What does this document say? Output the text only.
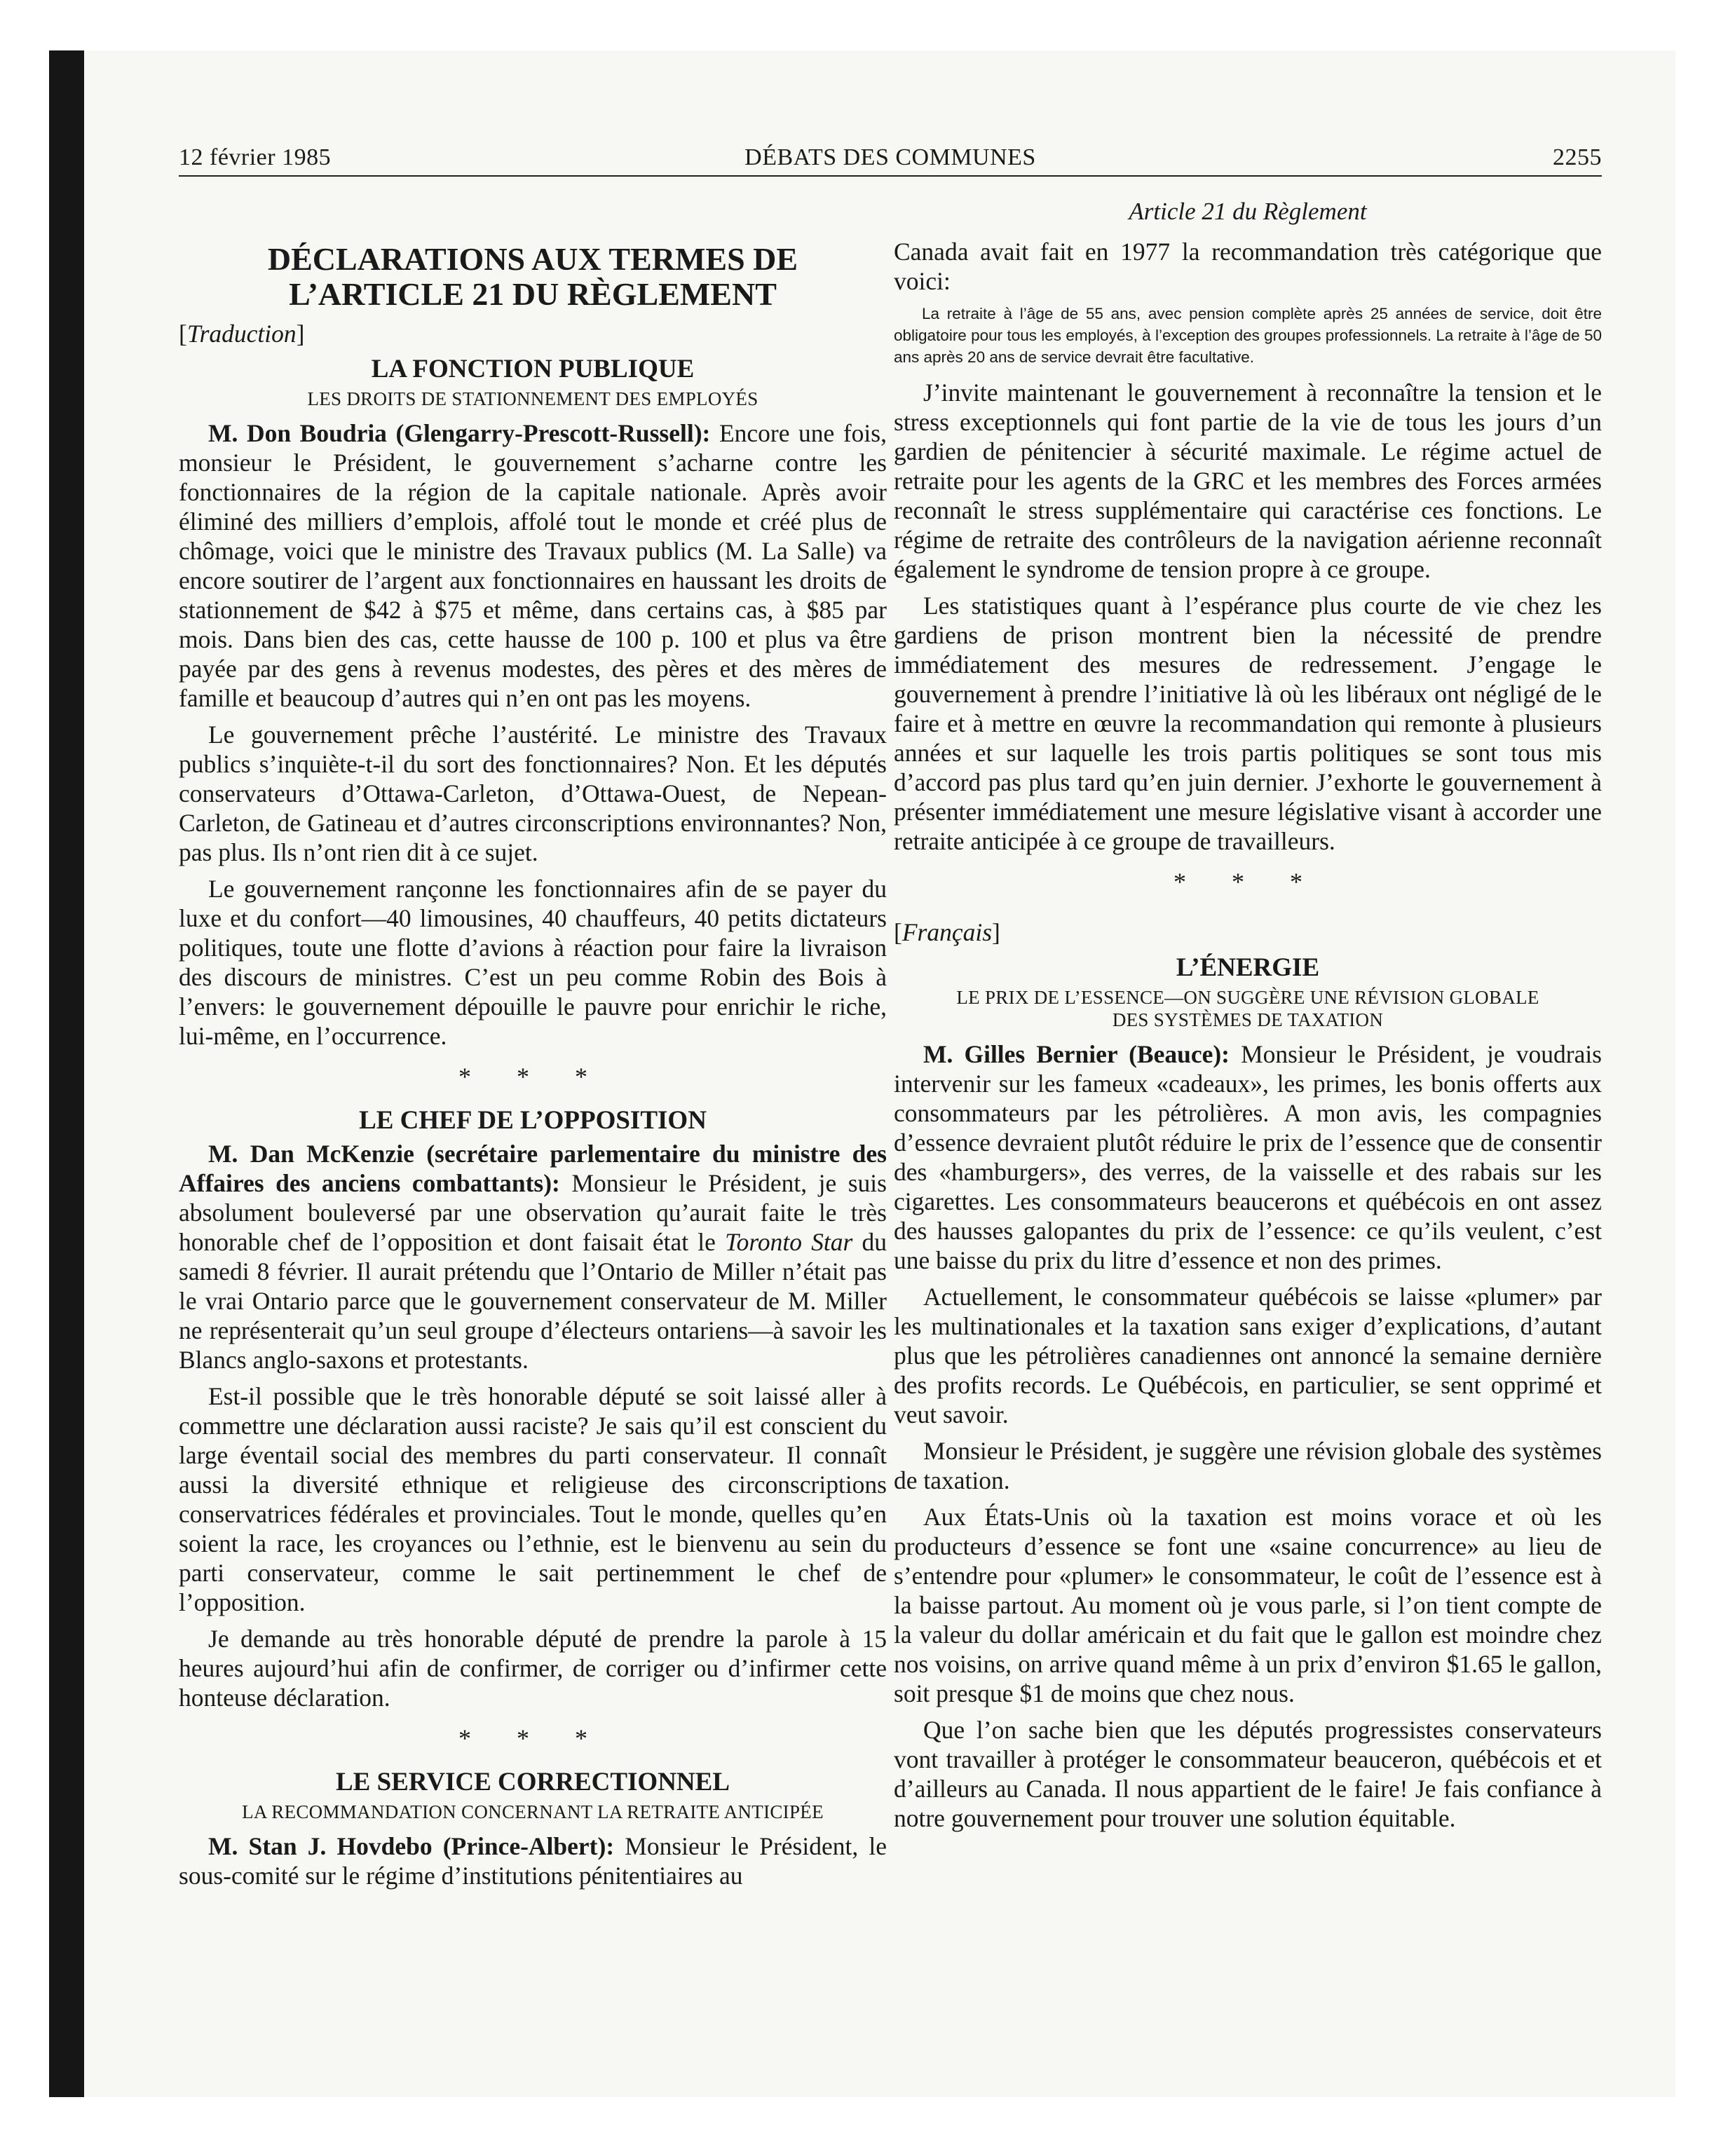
12 février 1985	DÉBATS DES COMMUNES	2255
Article 21 du Règlement
DÉCLARATIONS AUX TERMES DE
L’ARTICLE 21 DU RÈGLEMENT
[Traduction]
LA FONCTION PUBLIQUE
LES DROITS DE STATIONNEMENT DES EMPLOYÉS

M. Don Boudria (Glengarry-Prescott-Russell): Encore une fois, monsieur le Président, le gouvernement s’acharne contre les fonctionnaires de la région de la capitale nationale. Après avoir éliminé des milliers d’emplois, affolé tout le monde et créé plus de chômage, voici que le ministre des Travaux publics (M. La Salle) va encore soutirer de l’argent aux fonctionnaires en haussant les droits de stationnement de $42 à $75 et même, dans certains cas, à $85 par mois. Dans bien des cas, cette hausse de 100 p. 100 et plus va être payée par des gens à revenus modestes, des pères et des mères de famille et beaucoup d’autres qui n’en ont pas les moyens.

Le gouvernement prêche l’austérité. Le ministre des Travaux publics s’inquiète-t-il du sort des fonctionnaires? Non. Et les députés conservateurs d’Ottawa-Carleton, d’Ottawa-Ouest, de Nepean-Carleton, de Gatineau et d’autres circonscriptions environnantes? Non, pas plus. Ils n’ont rien dit à ce sujet.

Le gouvernement rançonne les fonctionnaires afin de se payer du luxe et du confort—40 limousines, 40 chauffeurs, 40 petits dictateurs politiques, toute une flotte d’avions à réaction pour faire la livraison des discours de ministres. C’est un peu comme Robin des Bois à l’envers: le gouvernement dépouille le pauvre pour enrichir le riche, lui-même, en l’occurrence.

* * *
LE CHEF DE L’OPPOSITION

M. Dan McKenzie (secrétaire parlementaire du ministre des Affaires des anciens combattants): Monsieur le Président, je suis absolument bouleversé par une observation qu’aurait faite le très honorable chef de l’opposition et dont faisait état le Toronto Star du samedi 8 février. Il aurait prétendu que l’Ontario de Miller n’était pas le vrai Ontario parce que le gouvernement conservateur de M. Miller ne représenterait qu’un seul groupe d’électeurs ontariens—à savoir les Blancs anglo-saxons et protestants.

Est-il possible que le très honorable député se soit laissé aller à commettre une déclaration aussi raciste? Je sais qu’il est conscient du large éventail social des membres du parti conservateur. Il connaît aussi la diversité ethnique et religieuse des circonscriptions conservatrices fédérales et provinciales. Tout le monde, quelles qu’en soient la race, les croyances ou l’ethnie, est le bienvenu au sein du parti conservateur, comme le sait pertinemment le chef de l’opposition.

Je demande au très honorable député de prendre la parole à 15 heures aujourd’hui afin de confirmer, de corriger ou d’infirmer cette honteuse déclaration.

* * *
LE SERVICE CORRECTIONNEL
LA RECOMMANDATION CONCERNANT LA RETRAITE ANTICIPÉE

M. Stan J. Hovdebo (Prince-Albert): Monsieur le Président, le sous-comité sur le régime d’institutions pénitentiaires au

Canada avait fait en 1977 la recommandation très catégorique que voici:

La retraite à l’âge de 55 ans, avec pension complète après 25 années de service, doit être obligatoire pour tous les employés, à l’exception des groupes professionnels. La retraite à l’âge de 50 ans après 20 ans de service devrait être facultative.

J’invite maintenant le gouvernement à reconnaître la tension et le stress exceptionnels qui font partie de la vie de tous les jours d’un gardien de pénitencier à sécurité maximale. Le régime actuel de retraite pour les agents de la GRC et les membres des Forces armées reconnaît le stress supplémentaire qui caractérise ces fonctions. Le régime de retraite des contrôleurs de la navigation aérienne reconnaît également le syndrome de tension propre à ce groupe.

Les statistiques quant à l’espérance plus courte de vie chez les gardiens de prison montrent bien la nécessité de prendre immédiatement des mesures de redressement. J’engage le gouvernement à prendre l’initiative là où les libéraux ont négligé de le faire et à mettre en œuvre la recommandation qui remonte à plusieurs années et sur laquelle les trois partis politiques se sont tous mis d’accord pas plus tard qu’en juin dernier. J’exhorte le gouvernement à présenter immédiatement une mesure législative visant à accorder une retraite anticipée à ce groupe de travailleurs.

* * *
[Français]
L’ÉNERGIE
LE PRIX DE L’ESSENCE—ON SUGGÈRE UNE RÉVISION GLOBALE
DES SYSTÈMES DE TAXATION

M. Gilles Bernier (Beauce): Monsieur le Président, je voudrais intervenir sur les fameux «cadeaux», les primes, les bonis offerts aux consommateurs par les pétrolières. A mon avis, les compagnies d’essence devraient plutôt réduire le prix de l’essence que de consentir des «hamburgers», des verres, de la vaisselle et des rabais sur les cigarettes. Les consommateurs beaucerons et québécois en ont assez des hausses galopantes du prix de l’essence: ce qu’ils veulent, c’est une baisse du prix du litre d’essence et non des primes.

Actuellement, le consommateur québécois se laisse «plumer» par les multinationales et la taxation sans exiger d’explications, d’autant plus que les pétrolières canadiennes ont annoncé la semaine dernière des profits records. Le Québécois, en particulier, se sent opprimé et veut savoir.

Monsieur le Président, je suggère une révision globale des systèmes de taxation.

Aux États-Unis où la taxation est moins vorace et où les producteurs d’essence se font une «saine concurrence» au lieu de s’entendre pour «plumer» le consommateur, le coût de l’essence est à la baisse partout. Au moment où je vous parle, si l’on tient compte de la valeur du dollar américain et du fait que le gallon est moindre chez nos voisins, on arrive quand même à un prix d’environ $1.65 le gallon, soit presque $1 de moins que chez nous.

Que l’on sache bien que les députés progressistes conservateurs vont travailler à protéger le consommateur beauceron, québécois et et d’ailleurs au Canada. Il nous appartient de le faire! Je fais confiance à notre gouvernement pour trouver une solution équitable.
